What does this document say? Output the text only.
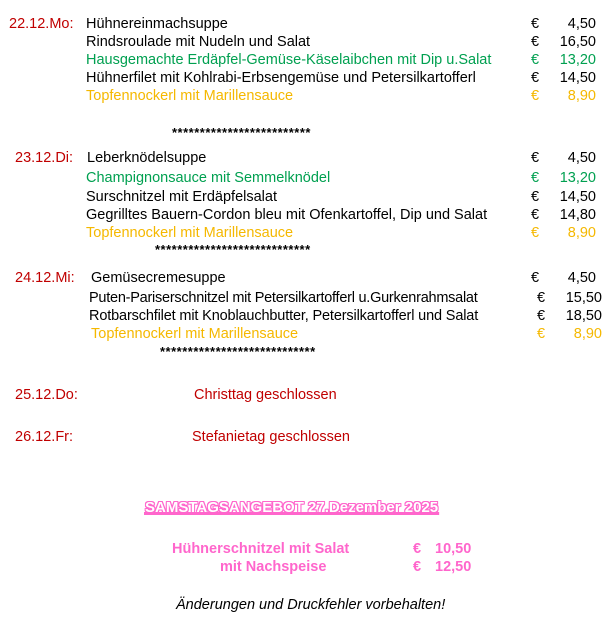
22.12.Mo: Hühnereinmachsuppe	€	4,50
Rindsroulade mit Nudeln und Salat	€	16,50
Hausgemachte Erdäpfel-Gemüse-Käselaibchen mit Dip u.Salat	€	13,20
Hühnerfilet mit Kohlrabi-Erbsengemüse und Petersilkartofferl	€	14,50
Topfennockerl mit Marillensauce	€	8,90
*************************
23.12.Di: Leberknödelsuppe	€	4,50
Champignonsauce mit Semmelknödel	€	13,20
Surschnitzel mit Erdäpfelsalat	€	14,50
Gegrilltes Bauern-Cordon bleu mit Ofenkartoffel, Dip und Salat	€	14,80
Topfennockerl mit Marillensauce	€	8,90
****************************
24.12.Mi: Gemüsecremesuppe	€	4,50
Puten-Pariserschnitzel mit Petersilkartofferl u.Gurkenrahmsalat	€	15,50
Rotbarschfilet mit Knoblauchbutter, Petersilkartofferl und Salat	€	18,50
Topfennockerl mit Marillensauce	€	8,90
****************************
25.12.Do:	Christtag geschlossen
26.12.Fr:	Stefanietag geschlossen
SAMSTAGSANGEBOT 27.Dezember 2025
Hühnerschnitzel mit Salat	€ 10,50
mit Nachspeise	€ 12,50
Änderungen und Druckfehler vorbehalten!
